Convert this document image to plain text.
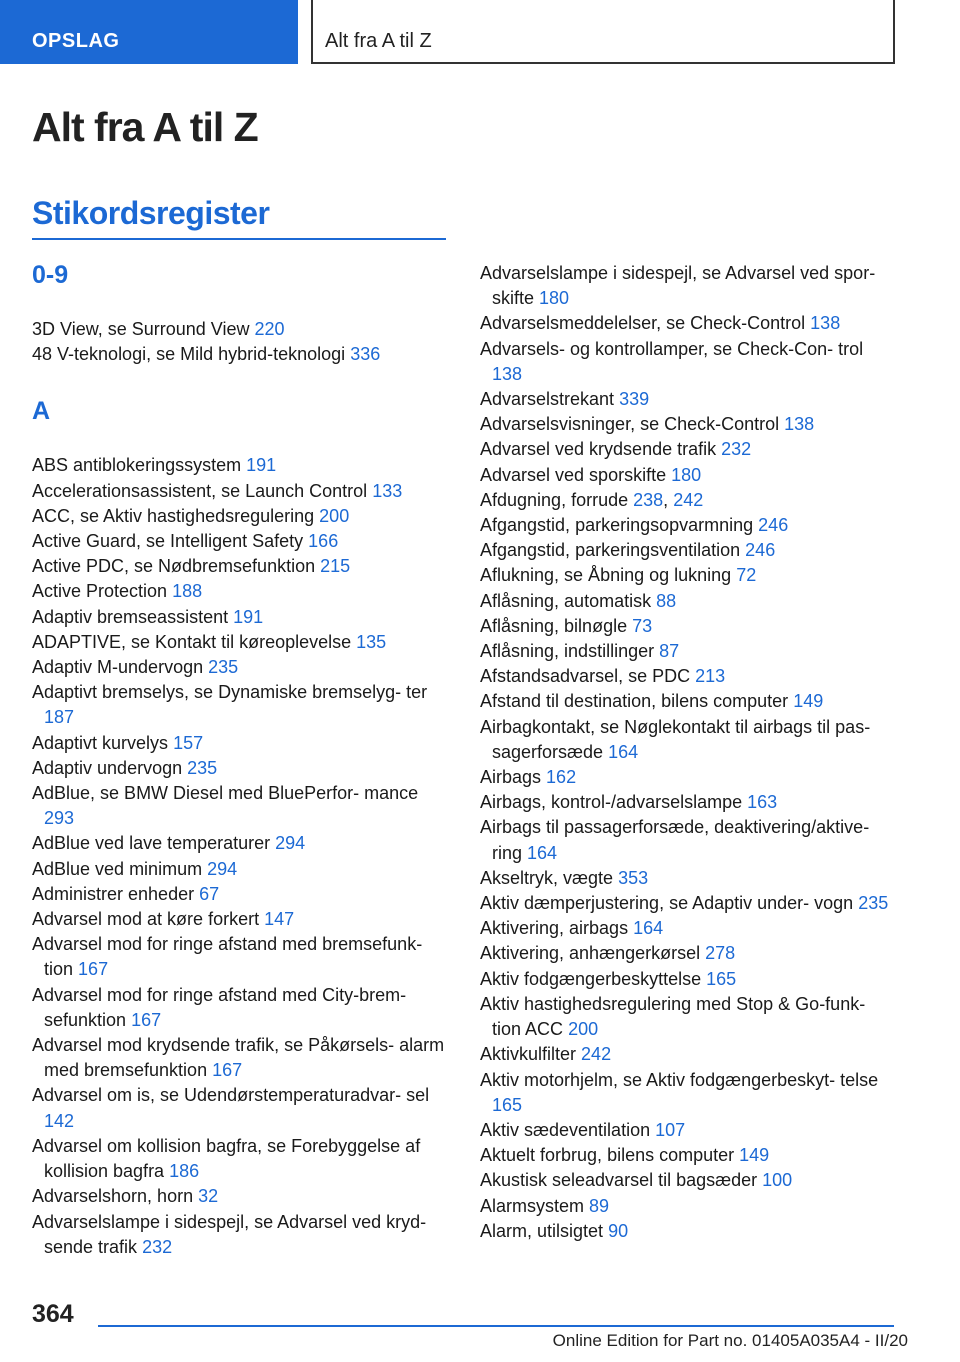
OPSLAG	Alt fra A til Z
Alt fra A til Z
Stikordsregister
0-9
3D View, se Surround View 220
48 V-teknologi, se Mild hybrid-teknologi 336
A
ABS antiblokeringssystem 191
Accelerationsassistent, se Launch Control 133
ACC, se Aktiv hastighedsregulering 200
Active Guard, se Intelligent Safety 166
Active PDC, se Nødbremsefunktion 215
Active Protection 188
Adaptiv bremseassistent 191
ADAPTIVE, se Kontakt til køreoplevelse 135
Adaptiv M-undervogn 235
Adaptivt bremselys, se Dynamiske bremselyg- ter 187
Adaptivt kurvelys 157
Adaptiv undervogn 235
AdBlue, se BMW Diesel med BluePerfor- mance 293
AdBlue ved lave temperaturer 294
AdBlue ved minimum 294
Administrer enheder 67
Advarsel mod at køre forkert 147
Advarsel mod for ringe afstand med bremsefunk- tion 167
Advarsel mod for ringe afstand med City-brem- sefunktion 167
Advarsel mod krydsende trafik, se Påkørsels- alarm med bremsefunktion 167
Advarsel om is, se Udendørstemperaturadvar- sel 142
Advarsel om kollision bagfra, se Forebyggelse af kollision bagfra 186
Advarselshorn, horn 32
Advarselslampe i sidespejl, se Advarsel ved kryd- sende trafik 232
Advarselslampe i sidespejl, se Advarsel ved spor- skifte 180
Advarselsmeddelelser, se Check-Control 138
Advarsels- og kontrollamper, se Check-Con- trol 138
Advarselstrekant 339
Advarselsvisninger, se Check-Control 138
Advarsel ved krydsende trafik 232
Advarsel ved sporskifte 180
Afdugning, forrude 238, 242
Afgangstid, parkeringsopvarmning 246
Afgangstid, parkeringsventilation 246
Aflukning, se Åbning og lukning 72
Aflåsning, automatisk 88
Aflåsning, bilnøgle 73
Aflåsning, indstillinger 87
Afstandsadvarsel, se PDC 213
Afstand til destination, bilens computer 149
Airbagkontakt, se Nøglekontakt til airbags til pas- sagerforsæde 164
Airbags 162
Airbags, kontrol-/advarselslampe 163
Airbags til passagerforsæde, deaktivering/aktive- ring 164
Akseltryk, vægte 353
Aktiv dæmperjustering, se Adaptiv under- vogn 235
Aktivering, airbags 164
Aktivering, anhængerkørsel 278
Aktiv fodgængerbeskyttelse 165
Aktiv hastighedsregulering med Stop & Go-funk- tion ACC 200
Aktivkulfilter 242
Aktiv motorhjelm, se Aktiv fodgængerbeskyt- telse 165
Aktiv sædeventilation 107
Aktuelt forbrug, bilens computer 149
Akustisk seleadvarsel til bagsæder 100
Alarmsystem 89
Alarm, utilsigtet 90
364
Online Edition for Part no. 01405A035A4 - II/20
